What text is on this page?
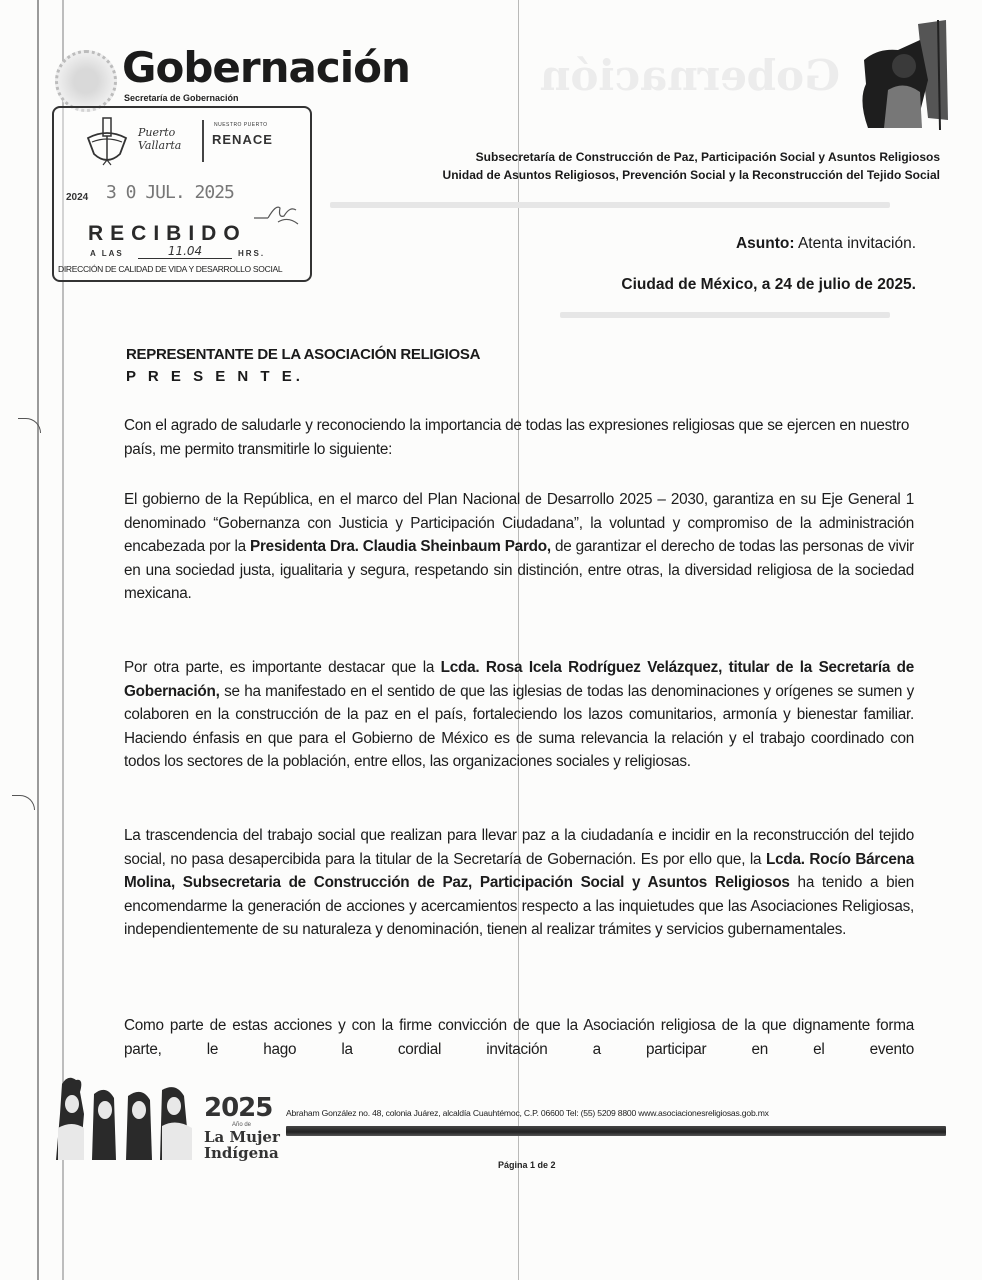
Gobernación
Gobernación
Secretaría de Gobernación
Subsecretaría de Construcción de Paz, Participación Social y Asuntos Religiosos
Unidad de Asuntos Religiosos, Prevención Social y la Reconstrucción del Tejido Social
Puerto
Vallarta
NUESTRO PUERTO
RENACE
2024 3 0 JUL. 2025
RECIBIDO
A LAS	11.04	HRS.
DIRECCIÓN DE CALIDAD DE VIDA Y DESARROLLO SOCIAL
Asunto: Atenta invitación.
Ciudad de México, a 24 de julio de 2025.
REPRESENTANTE DE LA ASOCIACIÓN RELIGIOSA
P R E S E N T E.
Con el agrado de saludarle y reconociendo la importancia de todas las expresiones religiosas que se ejercen en nuestro país, me permito transmitirle lo siguiente:
El gobierno de la República, en el marco del Plan Nacional de Desarrollo 2025 – 2030, garantiza en su Eje General 1 denominado “Gobernanza con Justicia y Participación Ciudadana”, la voluntad y compromiso de la administración encabezada por la Presidenta Dra. Claudia Sheinbaum Pardo, de garantizar el derecho de todas las personas de vivir en una sociedad justa, igualitaria y segura, respetando sin distinción, entre otras, la diversidad religiosa de la sociedad mexicana.
Por otra parte, es importante destacar que la Lcda. Rosa Icela Rodríguez Velázquez, titular de la Secretaría de Gobernación, se ha manifestado en el sentido de que las iglesias de todas las denominaciones y orígenes se sumen y colaboren en la construcción de la paz en el país, fortaleciendo los lazos comunitarios, armonía y bienestar familiar. Haciendo énfasis en que para el Gobierno de México es de suma relevancia la relación y el trabajo coordinado con todos los sectores de la población, entre ellos, las organizaciones sociales y religiosas.
La trascendencia del trabajo social que realizan para llevar paz a la ciudadanía e incidir en la reconstrucción del tejido social, no pasa desapercibida para la titular de la Secretaría de Gobernación. Es por ello que, la Lcda. Rocío Bárcena Molina, Subsecretaria de Construcción de Paz, Participación Social y Asuntos Religiosos ha tenido a bien encomendarme la generación de acciones y acercamientos respecto a las inquietudes que las Asociaciones Religiosas, independientemente de su naturaleza y denominación, tienen al realizar trámites y servicios gubernamentales.
Como parte de estas acciones y con la firme convicción de que la Asociación religiosa de la que dignamente forma parte, le hago la cordial invitación a participar en el evento
2025
Año de
La Mujer
Indígena
Abraham González no. 48, colonia Juárez, alcaldía Cuauhtémoc, C.P. 06600 Tel: (55) 5209 8800 www.asociacionesreligiosas.gob.mx
Página 1 de 2
